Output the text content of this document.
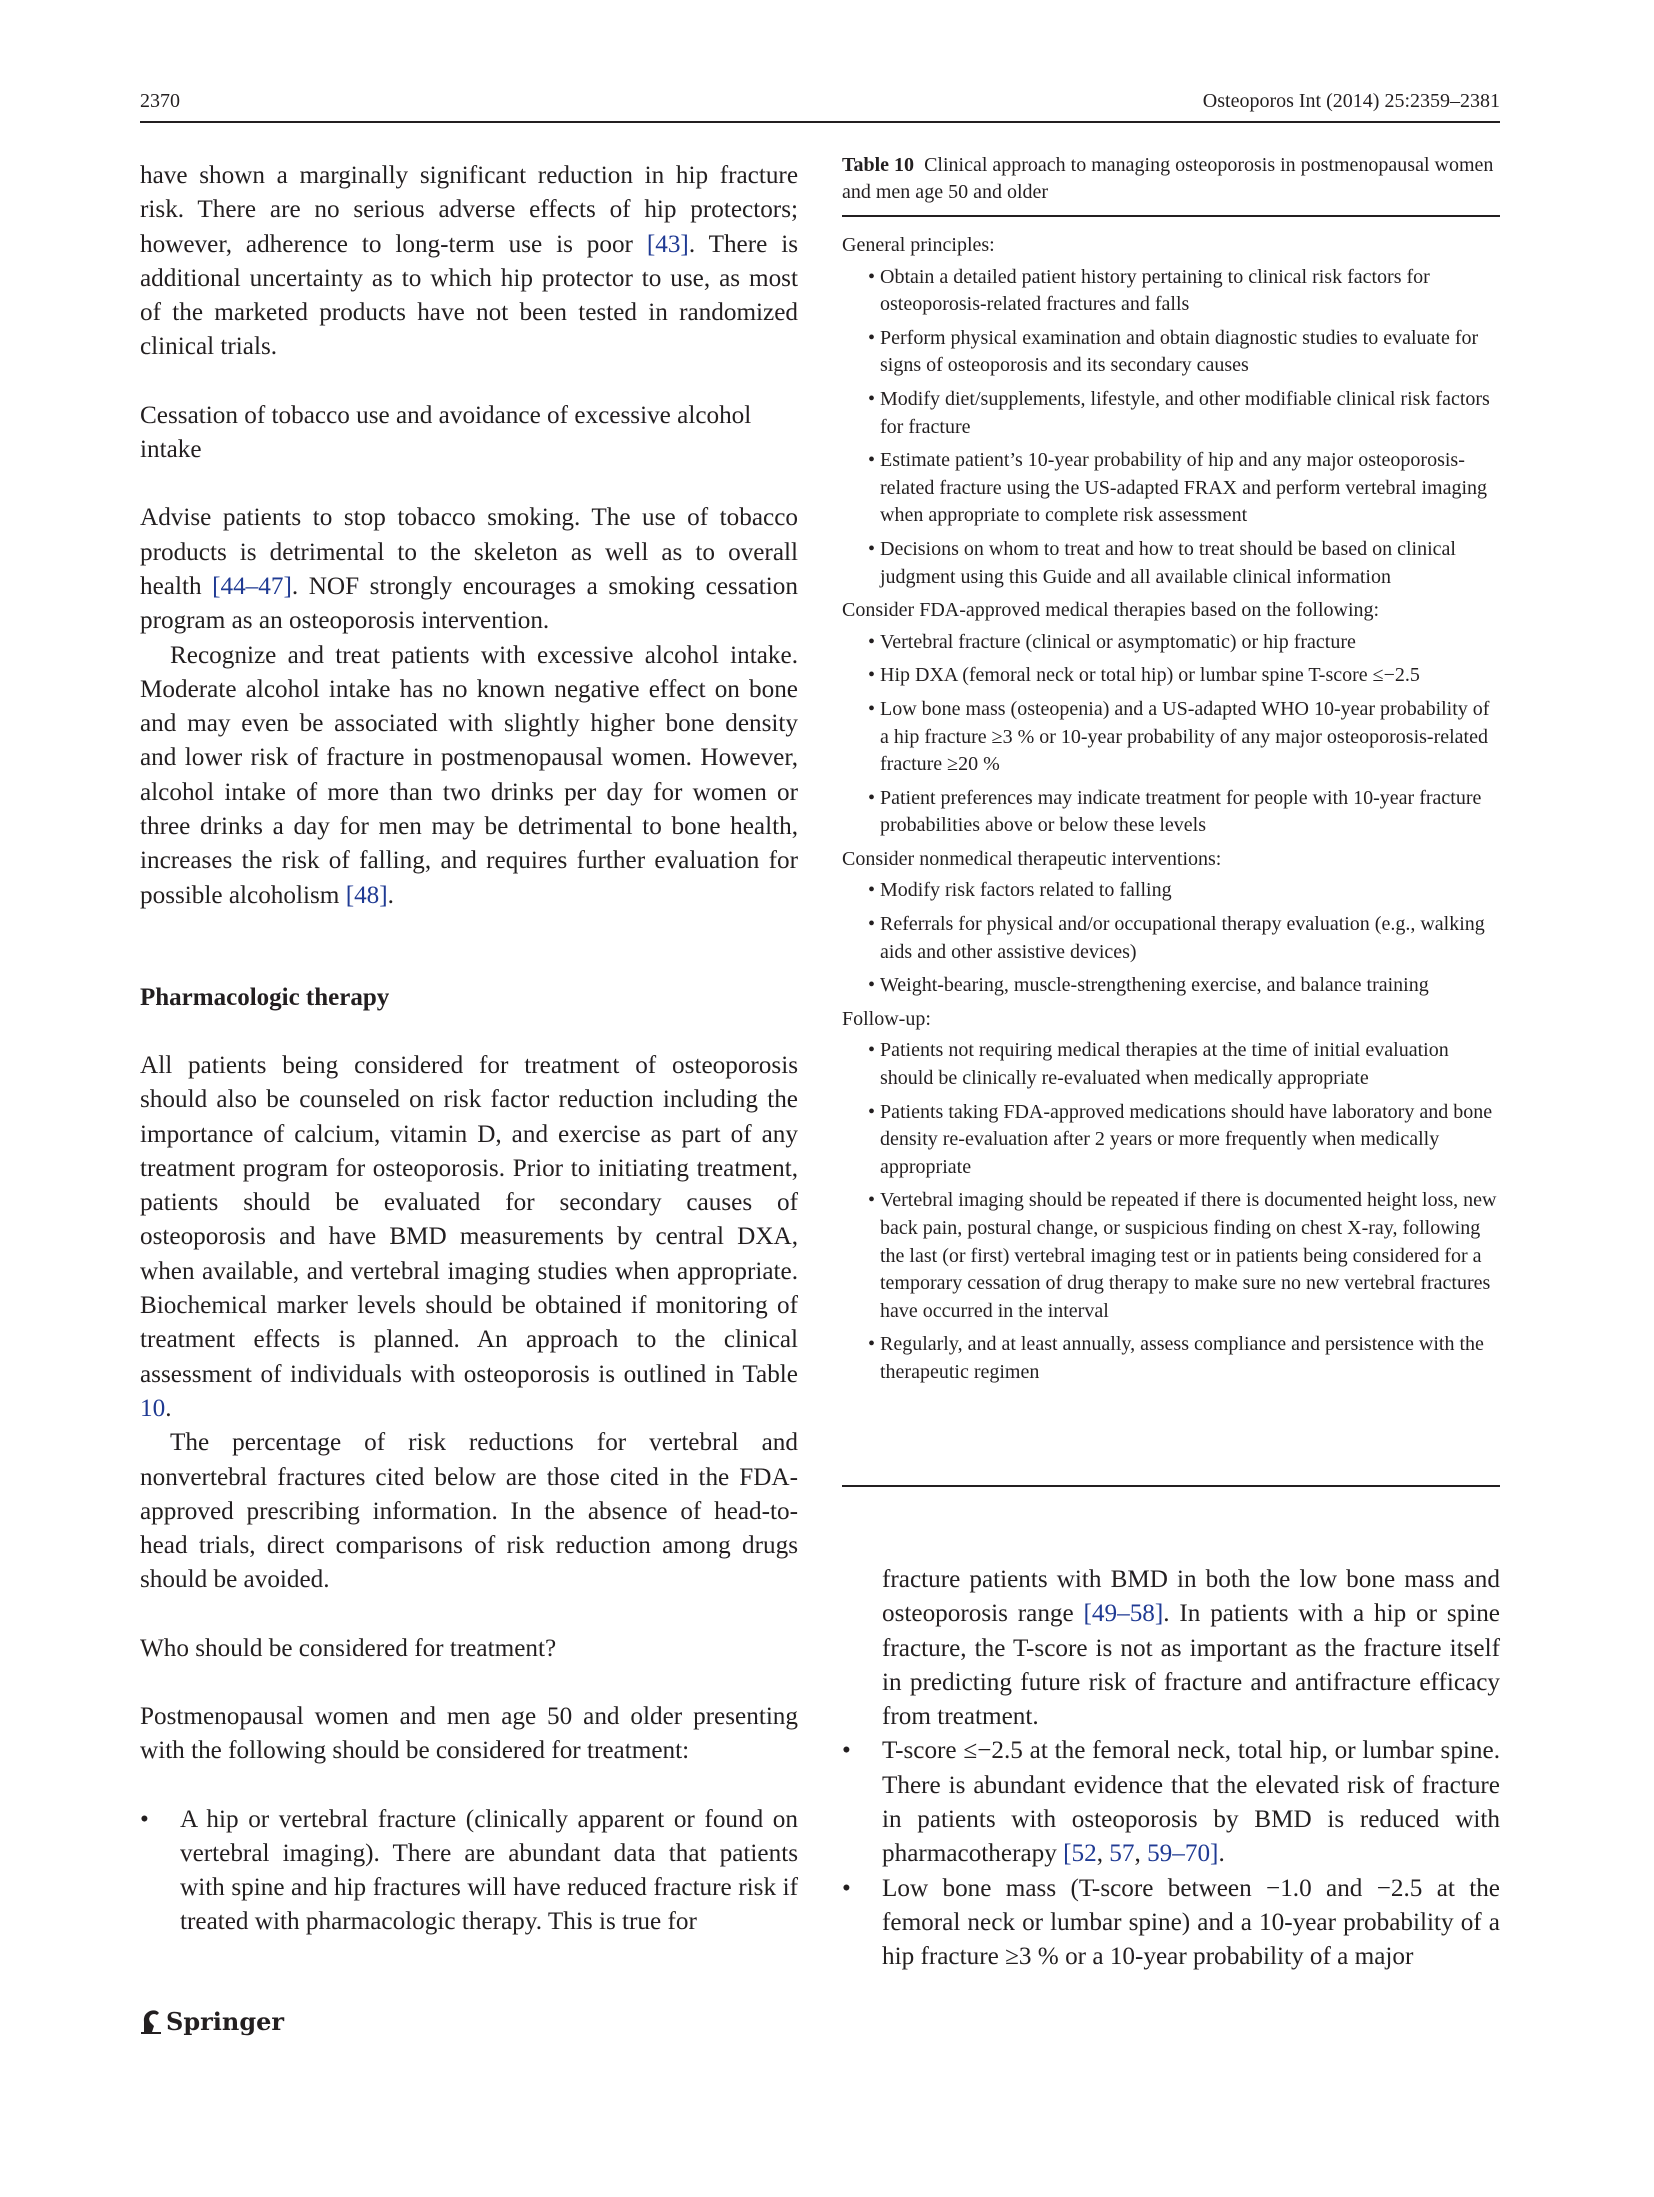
2370	Osteoporos Int (2014) 25:2359–2381

have shown a marginally significant reduction in hip fracture risk. There are no serious adverse effects of hip protectors; however, adherence to long-term use is poor [43]. There is additional uncertainty as to which hip protector to use, as most of the marketed products have not been tested in randomized clinical trials.

Cessation of tobacco use and avoidance of excessive alcohol intake

Advise patients to stop tobacco smoking. The use of tobacco products is detrimental to the skeleton as well as to overall health [44–47]. NOF strongly encourages a smoking cessation program as an osteoporosis intervention.

Recognize and treat patients with excessive alcohol intake. Moderate alcohol intake has no known negative effect on bone and may even be associated with slightly higher bone density and lower risk of fracture in postmenopausal women. However, alcohol intake of more than two drinks per day for women or three drinks a day for men may be detrimental to bone health, increases the risk of falling, and requires further evaluation for possible alcoholism [48].

Pharmacologic therapy

All patients being considered for treatment of osteoporosis should also be counseled on risk factor reduction including the importance of calcium, vitamin D, and exercise as part of any treatment program for osteoporosis. Prior to initiating treatment, patients should be evaluated for secondary causes of osteoporosis and have BMD measurements by central DXA, when available, and vertebral imaging studies when appropriate. Biochemical marker levels should be obtained if monitoring of treatment effects is planned. An approach to the clinical assessment of individuals with osteoporosis is outlined in Table 10.

The percentage of risk reductions for vertebral and nonvertebral fractures cited below are those cited in the FDA-approved prescribing information. In the absence of head-to-head trials, direct comparisons of risk reduction among drugs should be avoided.

Who should be considered for treatment?

Postmenopausal women and men age 50 and older presenting with the following should be considered for treatment:

• A hip or vertebral fracture (clinically apparent or found on vertebral imaging). There are abundant data that patients with spine and hip fractures will have reduced fracture risk if treated with pharmacologic therapy. This is true for
Table 10 Clinical approach to managing osteoporosis in postmenopausal women and men age 50 and older
General principles:
• Obtain a detailed patient history pertaining to clinical risk factors for osteoporosis-related fractures and falls
• Perform physical examination and obtain diagnostic studies to evaluate for signs of osteoporosis and its secondary causes
• Modify diet/supplements, lifestyle, and other modifiable clinical risk factors for fracture
• Estimate patient’s 10-year probability of hip and any major osteoporosis-related fracture using the US-adapted FRAX and perform vertebral imaging when appropriate to complete risk assessment
• Decisions on whom to treat and how to treat should be based on clinical judgment using this Guide and all available clinical information
Consider FDA-approved medical therapies based on the following:
• Vertebral fracture (clinical or asymptomatic) or hip fracture
• Hip DXA (femoral neck or total hip) or lumbar spine T-score ≤−2.5
• Low bone mass (osteopenia) and a US-adapted WHO 10-year probability of a hip fracture ≥3 % or 10-year probability of any major osteoporosis-related fracture ≥20 %
• Patient preferences may indicate treatment for people with 10-year fracture probabilities above or below these levels
Consider nonmedical therapeutic interventions:
• Modify risk factors related to falling
• Referrals for physical and/or occupational therapy evaluation (e.g., walking aids and other assistive devices)
• Weight-bearing, muscle-strengthening exercise, and balance training
Follow-up:
• Patients not requiring medical therapies at the time of initial evaluation should be clinically re-evaluated when medically appropriate
• Patients taking FDA-approved medications should have laboratory and bone density re-evaluation after 2 years or more frequently when medically appropriate
• Vertebral imaging should be repeated if there is documented height loss, new back pain, postural change, or suspicious finding on chest X-ray, following the last (or first) vertebral imaging test or in patients being considered for a temporary cessation of drug therapy to make sure no new vertebral fractures have occurred in the interval
• Regularly, and at least annually, assess compliance and persistence with the therapeutic regimen
fracture patients with BMD in both the low bone mass and osteoporosis range [49–58]. In patients with a hip or spine fracture, the T-score is not as important as the fracture itself in predicting future risk of fracture and antifracture efficacy from treatment.
• T-score ≤−2.5 at the femoral neck, total hip, or lumbar spine. There is abundant evidence that the elevated risk of fracture in patients with osteoporosis by BMD is reduced with pharmacotherapy [52, 57, 59–70].
• Low bone mass (T-score between −1.0 and −2.5 at the femoral neck or lumbar spine) and a 10-year probability of a hip fracture ≥3 % or a 10-year probability of a major
Springer
